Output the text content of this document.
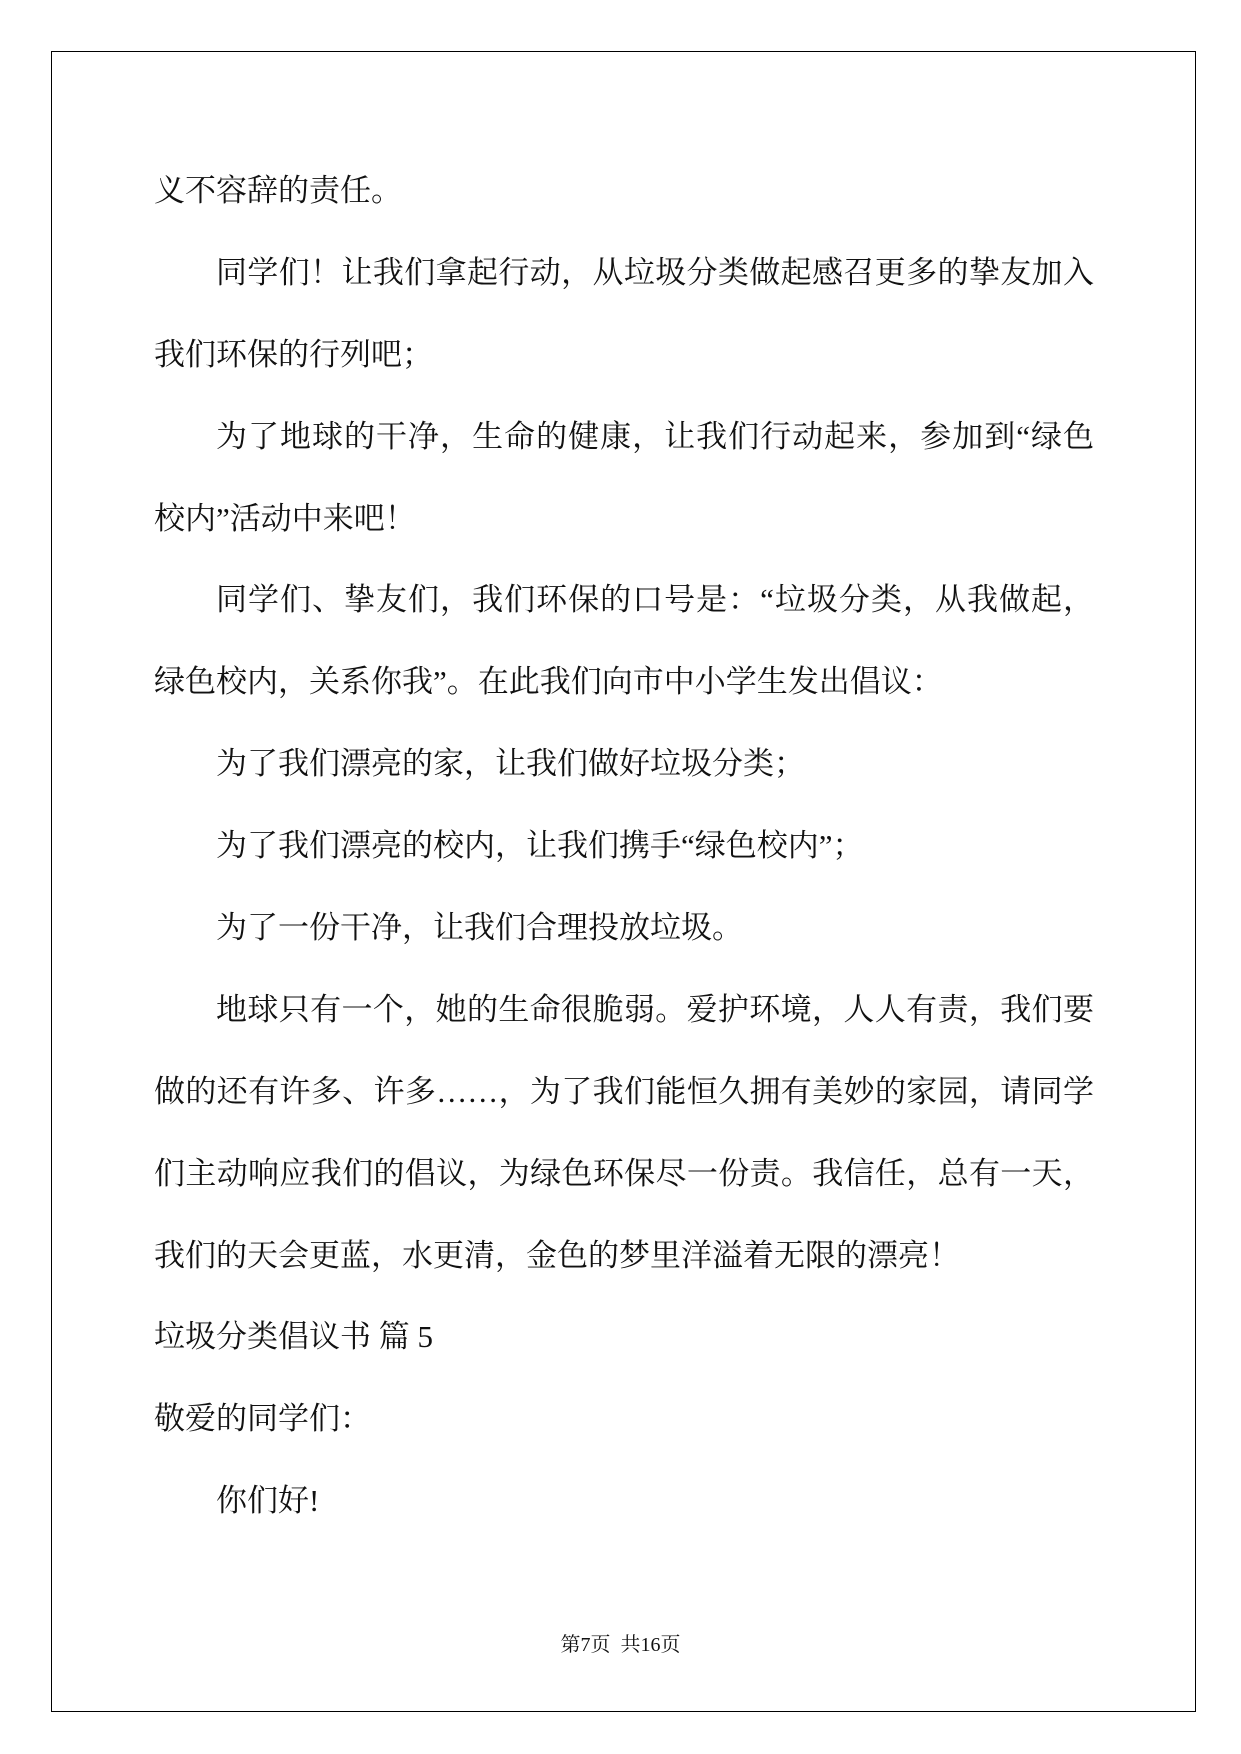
义不容辞的责任。
同学们！让我们拿起行动，从垃圾分类做起感召更多的挚友加入
我们环保的行列吧；
为了地球的干净，生命的健康，让我们行动起来，参加到“绿色
校内”活动中来吧！
同学们、挚友们，我们环保的口号是：“垃圾分类，从我做起，
绿色校内，关系你我”。在此我们向市中小学生发出倡议：
为了我们漂亮的家，让我们做好垃圾分类；
为了我们漂亮的校内，让我们携手“绿色校内”；
为了一份干净，让我们合理投放垃圾。
地球只有一个，她的生命很脆弱。爱护环境，人人有责，我们要
做的还有许多、许多……，为了我们能恒久拥有美妙的家园，请同学
们主动响应我们的倡议，为绿色环保尽一份责。我信任，总有一天，
我们的天会更蓝，水更清，金色的梦里洋溢着无限的漂亮！
垃圾分类倡议书 篇 5
敬爱的同学们：
你们好!
第7页  共16页
